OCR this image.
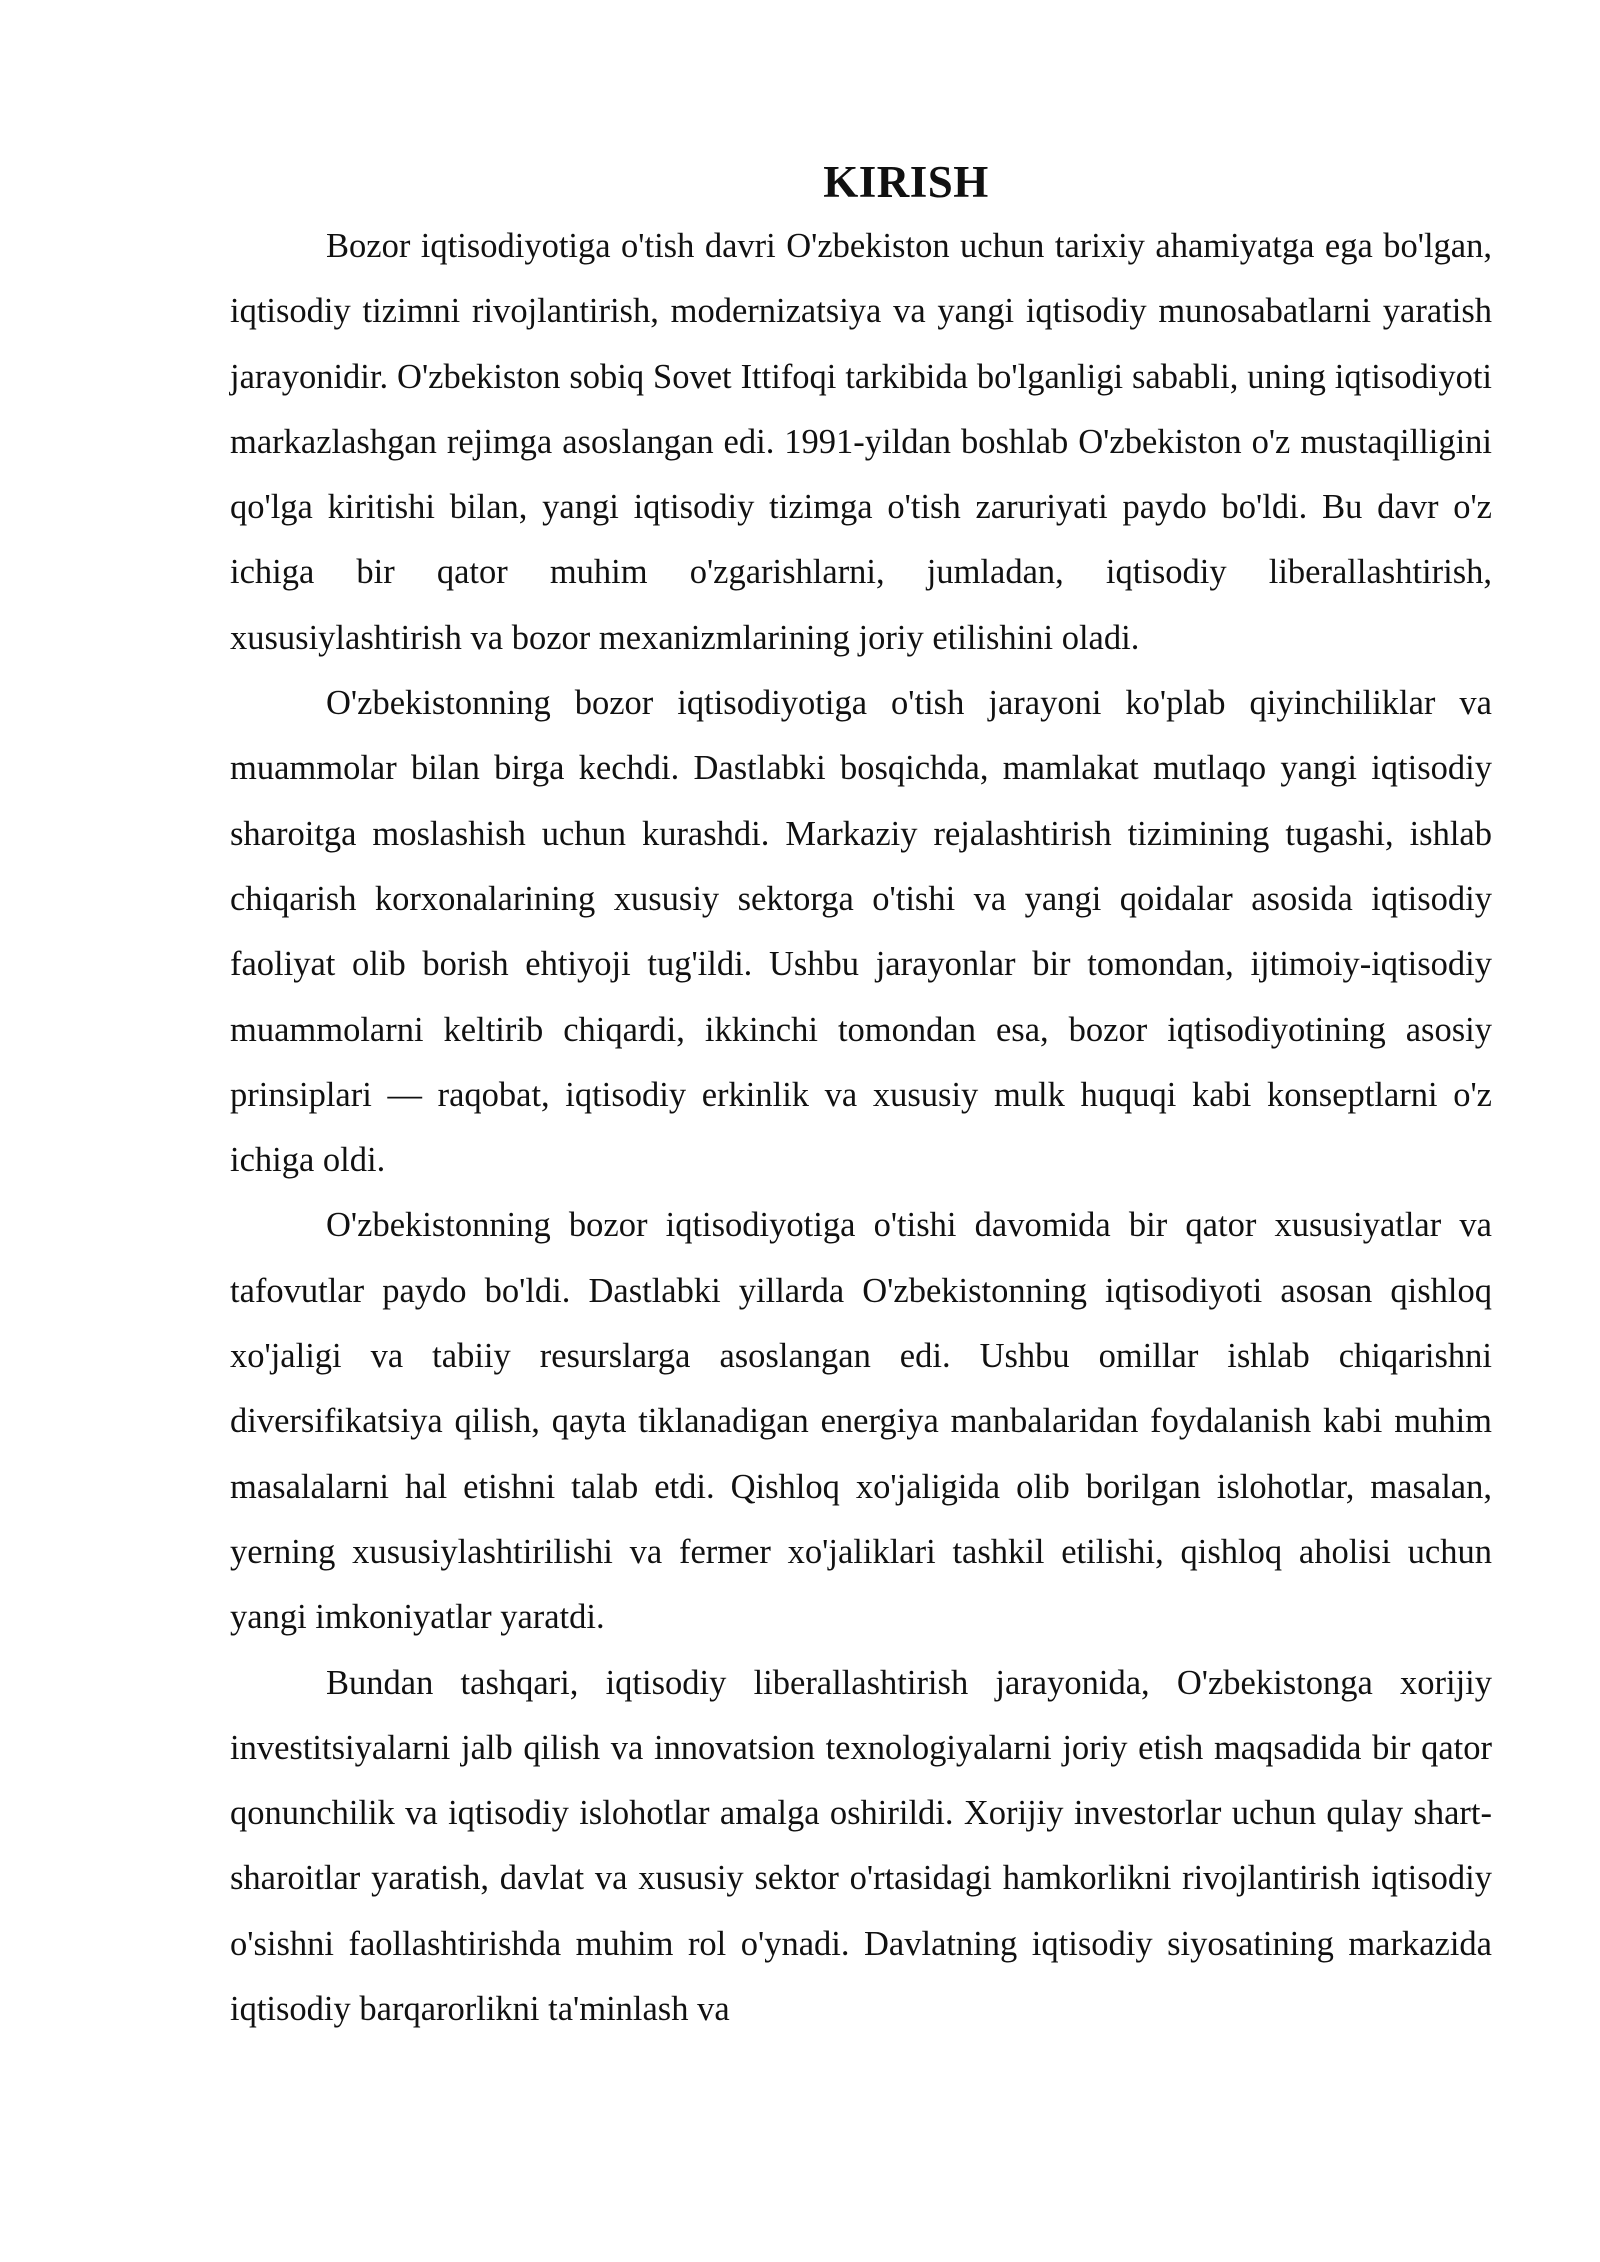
KIRISH

Bozor iqtisodiyotiga o'tish davri O'zbekiston uchun tarixiy ahamiyatga ega bo'lgan, iqtisodiy tizimni rivojlantirish, modernizatsiya va yangi iqtisodiy munosabatlarni yaratish jarayonidir. O'zbekiston sobiq Sovet Ittifoqi tarkibida bo'lganligi sababli, uning iqtisodiyoti markazlashgan rejimga asoslangan edi. 1991-yildan boshlab O'zbekiston o'z mustaqilligini qo'lga kiritishi bilan, yangi iqtisodiy tizimga o'tish zaruriyati paydo bo'ldi. Bu davr o'z ichiga bir qator muhim o'zgarishlarni, jumladan, iqtisodiy liberallashtirish, xususiylashtirish va bozor mexanizmlarining joriy etilishini oladi.

O'zbekistonning bozor iqtisodiyotiga o'tish jarayoni ko'plab qiyinchiliklar va muammolar bilan birga kechdi. Dastlabki bosqichda, mamlakat mutlaqo yangi iqtisodiy sharoitga moslashish uchun kurashdi. Markaziy rejalashtirish tizimining tugashi, ishlab chiqarish korxonalarining xususiy sektorga o'tishi va yangi qoidalar asosida iqtisodiy faoliyat olib borish ehtiyoji tug'ildi. Ushbu jarayonlar bir tomondan, ijtimoiy-iqtisodiy muammolarni keltirib chiqardi, ikkinchi tomondan esa, bozor iqtisodiyotining asosiy prinsiplari — raqobat, iqtisodiy erkinlik va xususiy mulk huquqi kabi konseptlarni o'z ichiga oldi.

O'zbekistonning bozor iqtisodiyotiga o'tishi davomida bir qator xususiyatlar va tafovutlar paydo bo'ldi. Dastlabki yillarda O'zbekistonning iqtisodiyoti asosan qishloq xo'jaligi va tabiiy resurslarga asoslangan edi. Ushbu omillar ishlab chiqarishni diversifikatsiya qilish, qayta tiklanadigan energiya manbalaridan foydalanish kabi muhim masalalarni hal etishni talab etdi. Qishloq xo'jaligida olib borilgan islohotlar, masalan, yerning xususiylashtirilishi va fermer xo'jaliklari tashkil etilishi, qishloq aholisi uchun yangi imkoniyatlar yaratdi.

Bundan tashqari, iqtisodiy liberallashtirish jarayonida, O'zbekistonga xorijiy investitsiyalarni jalb qilish va innovatsion texnologiyalarni joriy etish maqsadida bir qator qonunchilik va iqtisodiy islohotlar amalga oshirildi. Xorijiy investorlar uchun qulay shart-sharoitlar yaratish, davlat va xususiy sektor o'rtasidagi hamkorlikni rivojlantirish iqtisodiy o'sishni faollashtirishda muhim rol o'ynadi. Davlatning iqtisodiy siyosatining markazida iqtisodiy barqarorlikni ta'minlash va
